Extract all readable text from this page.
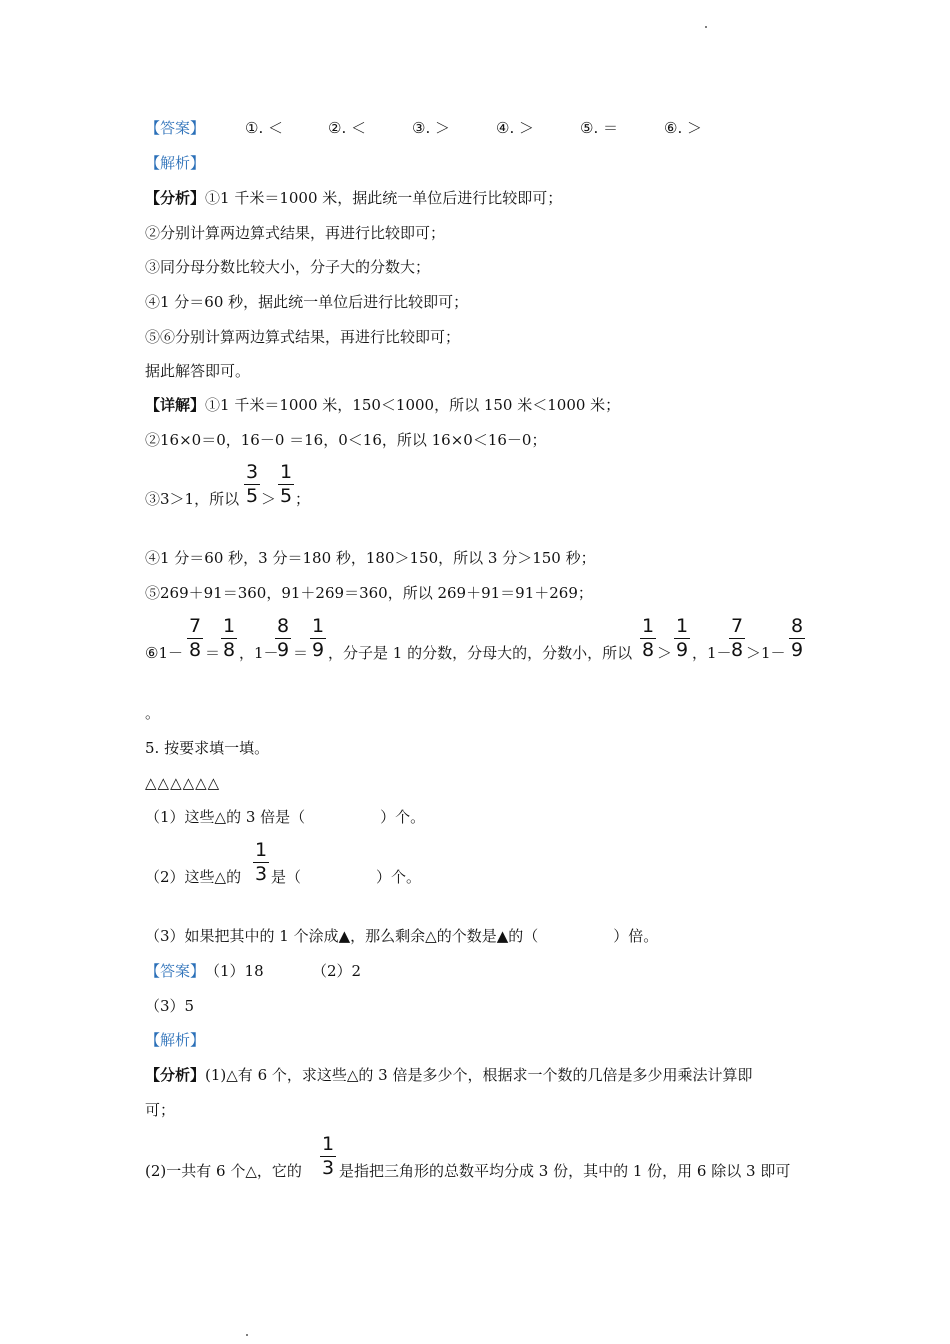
【答案】	①. ＜	②. ＜	③. ＞	④. ＞	⑤. ＝	⑥. ＞
【解析】
【分析】①1 千米＝1000 米，据此统一单位后进行比较即可；
②分别计算两边算式结果，再进行比较即可；
③同分母分数比较大小，分子大的分数大；
④1 分＝60 秒，据此统一单位后进行比较即可；
⑤⑥分别计算两边算式结果，再进行比较即可；
据此解答即可。
【详解】①1 千米＝1000 米，150＜1000，所以 150 米＜1000 米；
②16×0＝0，16－0 ＝16，0＜16，所以 16×0＜16－0；
③3＞1，所以 $\frac{3}{5} > \frac{1}{5}$ ；
④1 分＝60 秒，3 分＝180 秒，180＞150，所以 3 分＞150 秒；
⑤269＋91＝360，91＋269＝360，所以 269＋91＝91＋269；
⑥1－ $\frac{7}{8} = \frac{1}{8}$ ，1－
$\frac{8}{9} = \frac{1}{9}$ ，分子是 1 的分数，分母大的，分数小，所以 $\frac{1}{8} > \frac{1}{9}$ ，1－
$\frac{7}{8} >1- \frac{8}{9}$
。
5. 按要求填一填。
△△△△△△
（1）这些△的 3 倍是（　　　　　）个。
（2）这些△的 $\frac{1}{3}$ 是（　　　　　）个。
（3）如果把其中的 1 个涂成▲，那么剩余△的个数是▲的（　　　　　）倍。
【答案】 （1）18	（2）2
（3）5
【解析】
【分析】(1)△有 6 个，求这些△的 3 倍是多少个，根据求一个数的几倍是多少用乘法计算即
可；
(2)一共有 6 个△，它的 $\frac{1}{3}$ 是指把三角形的总数平均分成 3 份，其中的 1 份，用 6 除以 3 即可
